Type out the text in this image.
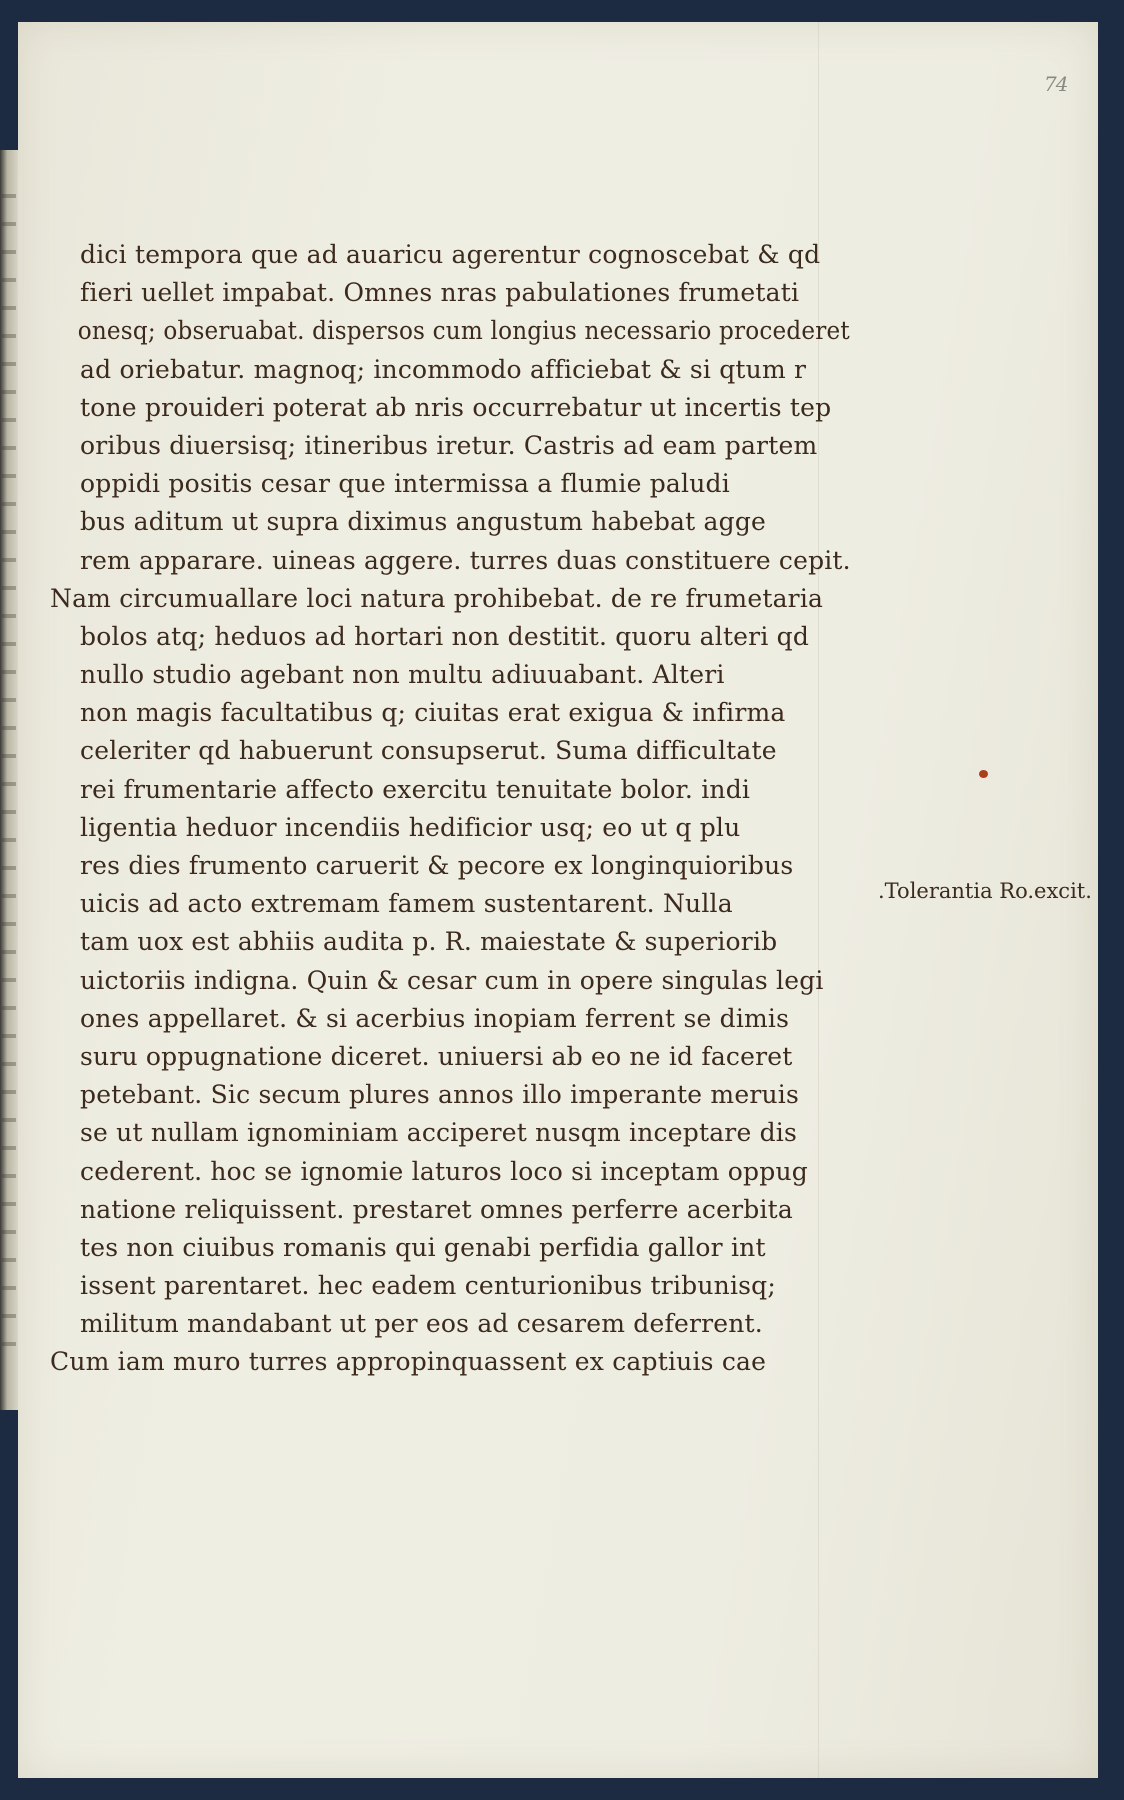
74
dici tempora que ad auaricu agerentur cognoscebat & qd
fieri uellet impabat. Omnes nras pabulationes frumetati
onesq; obseruabat. dispersos cum longius necessario procederet
ad oriebatur. magnoq; incommodo afficiebat & si qtum r
tone prouideri poterat ab nris occurrebatur ut incertis tep
oribus diuersisq; itineribus iretur. Castris ad eam partem
oppidi positis cesar que intermissa a flumie paludi
bus aditum ut supra diximus angustum habebat agge
rem apparare. uineas aggere. turres duas constituere cepit.
Nam circumuallare loci natura prohibebat. de re frumetaria
bolos atq; heduos ad hortari non destitit. quoru alteri qd
nullo studio agebant non multu adiuuabant. Alteri
non magis facultatibus q; ciuitas erat exigua & infirma
celeriter qd habuerunt consupserut. Suma difficultate
rei frumentarie affecto exercitu tenuitate bolor. indi
ligentia heduor incendiis hedificior usq; eo ut q plu
res dies frumento caruerit & pecore ex longinquioribus
uicis ad acto extremam famem sustentarent. Nulla
tam uox est abhiis audita p. R. maiestate & superiorib
uictoriis indigna. Quin & cesar cum in opere singulas legi
ones appellaret. & si acerbius inopiam ferrent se dimis
suru oppugnatione diceret. uniuersi ab eo ne id faceret
petebant. Sic secum plures annos illo imperante meruis
se ut nullam ignominiam acciperet nusqm inceptare dis
cederent. hoc se ignomie laturos loco si inceptam oppug
natione reliquissent. prestaret omnes perferre acerbita
tes non ciuibus romanis qui genabi perfidia gallor int
issent parentaret. hec eadem centurionibus tribunisq;
militum mandabant ut per eos ad cesarem deferrent.
Cum iam muro turres appropinquassent ex captiuis cae
.Tolerantia Ro.excit.
